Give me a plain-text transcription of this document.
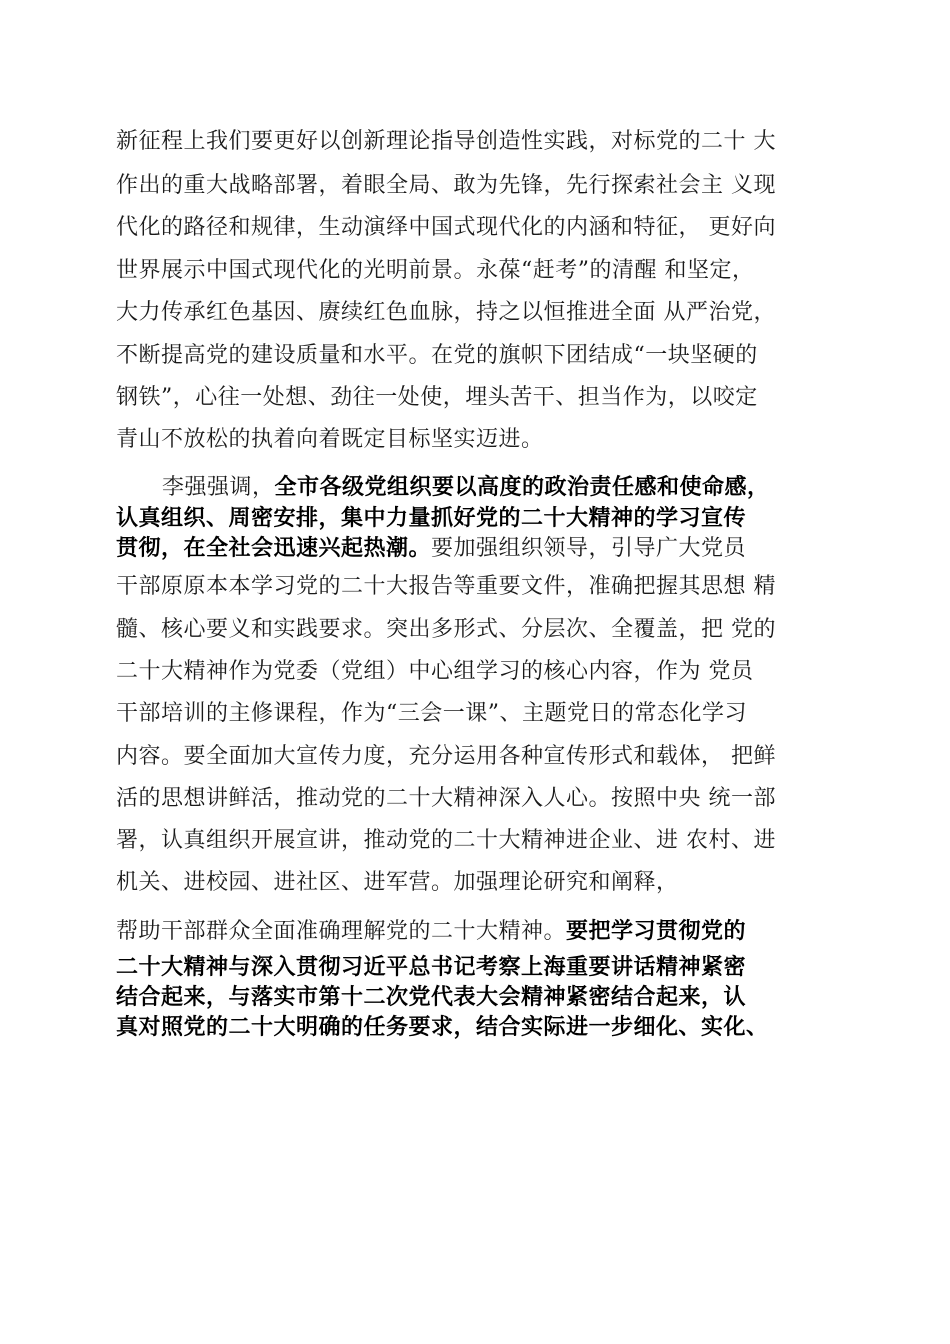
新征程上我们要更好以创新理论指导创造性实践，对标党的二十 大
作出的重大战略部署，着眼全局、敢为先锋，先行探索社会主 义现
代化的路径和规律，生动演绎中国式现代化的内涵和特征， 更好向
世界展示中国式现代化的光明前景。永葆“赶考”的清醒 和坚定，
大力传承红色基因、赓续红色血脉，持之以恒推进全面 从严治党，
不断提高党的建设质量和水平。在党的旗帜下团结成“一块坚硬的
钢铁”，心往一处想、劲往一处使，埋头苦干、担当作为，以咬定
青山不放松的执着向着既定目标坚实迈进。
李强强调，全市各级党组织要以高度的政治责任感和使命感，
认真组织、周密安排，集中力量抓好党的二十大精神的学习宣传
贯彻，在全社会迅速兴起热潮。要加强组织领导，引导广大党员
干部原原本本学习党的二十大报告等重要文件，准确把握其思想 精
髓、核心要义和实践要求。突出多形式、分层次、全覆盖，把 党的
二十大精神作为党委（党组）中心组学习的核心内容，作为 党员
干部培训的主修课程，作为“三会一课”、主题党日的常态化学习
内容。要全面加大宣传力度，充分运用各种宣传形式和载体， 把鲜
活的思想讲鲜活，推动党的二十大精神深入人心。按照中央 统一部
署，认真组织开展宣讲，推动党的二十大精神进企业、进 农村、进
机关、进校园、进社区、进军营。加强理论研究和阐释，
帮助干部群众全面准确理解党的二十大精神。要把学习贯彻党的
二十大精神与深入贯彻习近平总书记考察上海重要讲话精神紧密
结合起来，与落实市第十二次党代表大会精神紧密结合起来，认
真对照党的二十大明确的任务要求，结合实际进一步细化、实化、
